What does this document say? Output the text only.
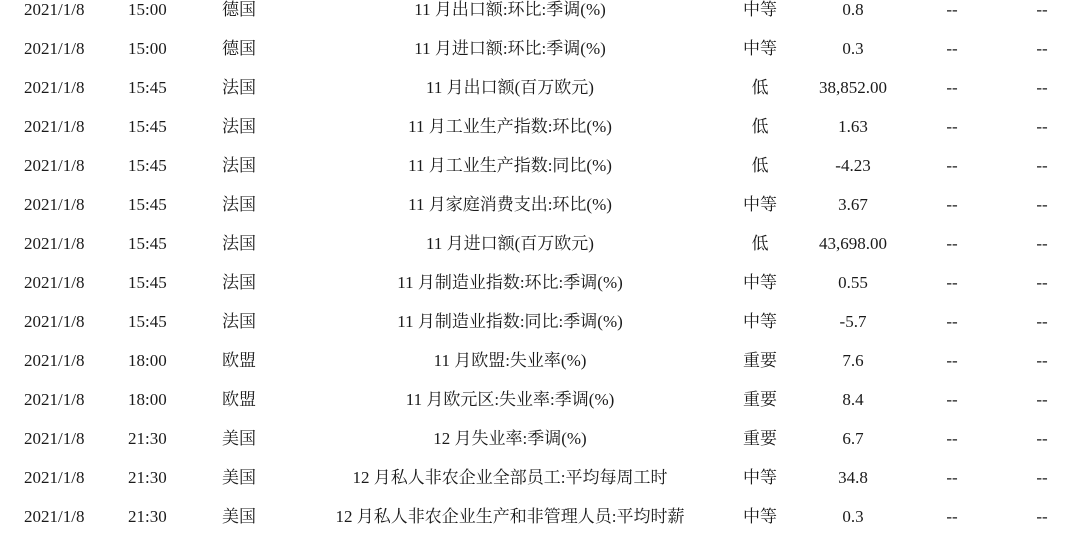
2021/1/8	15:00	德国	11 月出口额:环比:季调(%)	中等	0.8	--	--
2021/1/8	15:00	德国	11 月进口额:环比:季调(%)	中等	0.3	--	--
2021/1/8	15:45	法国	11 月出口额(百万欧元)	低	38,852.00	--	--
2021/1/8	15:45	法国	11 月工业生产指数:环比(%)	低	1.63	--	--
2021/1/8	15:45	法国	11 月工业生产指数:同比(%)	低	-4.23	--	--
2021/1/8	15:45	法国	11 月家庭消费支出:环比(%)	中等	3.67	--	--
2021/1/8	15:45	法国	11 月进口额(百万欧元)	低	43,698.00	--	--
2021/1/8	15:45	法国	11 月制造业指数:环比:季调(%)	中等	0.55	--	--
2021/1/8	15:45	法国	11 月制造业指数:同比:季调(%)	中等	-5.7	--	--
2021/1/8	18:00	欧盟	11 月欧盟:失业率(%)	重要	7.6	--	--
2021/1/8	18:00	欧盟	11 月欧元区:失业率:季调(%)	重要	8.4	--	--
2021/1/8	21:30	美国	12 月失业率:季调(%)	重要	6.7	--	--
2021/1/8	21:30	美国	12 月私人非农企业全部员工:平均每周工时	中等	34.8	--	--
2021/1/8	21:30	美国	12 月私人非农企业生产和非管理人员:平均时薪	中等	0.3	--	--
